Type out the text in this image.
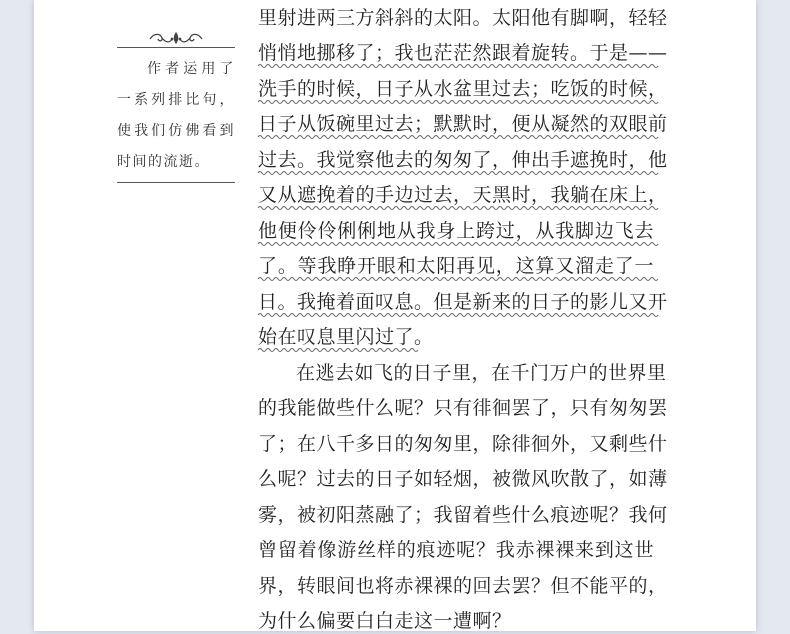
作者运用了一系列排比句，使我们仿佛看到时间的流逝。
里射进两三方斜斜的太阳。太阳他有脚啊，轻轻
悄悄地挪移了；我也茫茫然跟着旋转。于是——
洗手的时候，日子从水盆里过去；吃饭的时候，
日子从饭碗里过去；默默时，便从凝然的双眼前
过去。我觉察他去的匆匆了，伸出手遮挽时，他
又从遮挽着的手边过去，天黑时，我躺在床上，
他便伶伶俐俐地从我身上跨过，从我脚边飞去
了。等我睁开眼和太阳再见，这算又溜走了一
日。我掩着面叹息。但是新来的日子的影儿又开
始在叹息里闪过了。
在逃去如飞的日子里，在千门万户的世界里
的我能做些什么呢？只有徘徊罢了，只有匆匆罢
了；在八千多日的匆匆里，除徘徊外，又剩些什
么呢？过去的日子如轻烟，被微风吹散了，如薄
雾，被初阳蒸融了；我留着些什么痕迹呢？我何
曾留着像游丝样的痕迹呢？我赤裸裸来到这世
界，转眼间也将赤裸裸的回去罢？但不能平的，
为什么偏要白白走这一遭啊？
